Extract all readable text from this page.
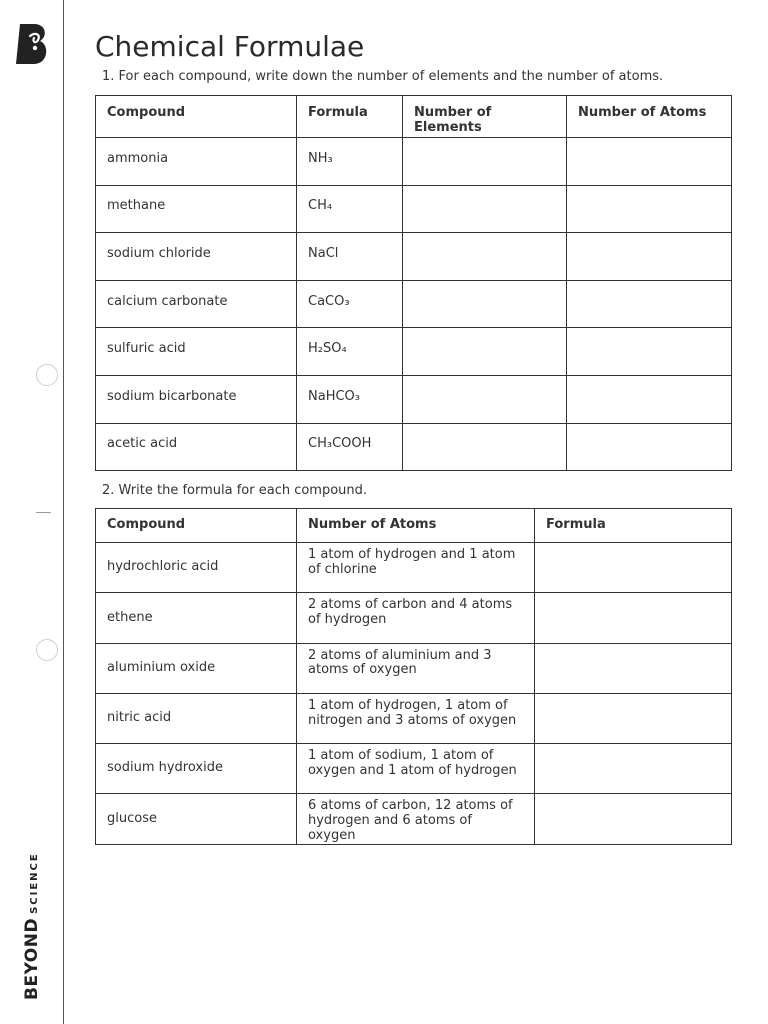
BEYONDSCIENCE
Chemical Formulae

1. For each compound, write down the number of elements and the number of atoms.

Compound	Formula	Number of Elements	Number of Atoms
ammonia	NH₃		
methane	CH₄		
sodium chloride	NaCl		
calcium carbonate	CaCO₃		
sulfuric acid	H₂SO₄		
sodium bicarbonate	NaHCO₃		
acetic acid	CH₃COOH		

2. Write the formula for each compound.

Compound	Number of Atoms	Formula
hydrochloric acid	1 atom of hydrogen and 1 atom of chlorine	
ethene	2 atoms of carbon and 4 atoms of hydrogen	
aluminium oxide	2 atoms of aluminium and 3 atoms of oxygen	
nitric acid	1 atom of hydrogen, 1 atom of nitrogen and 3 atoms of oxygen	
sodium hydroxide	1 atom of sodium, 1 atom of oxygen and 1 atom of hydrogen	
glucose	6 atoms of carbon, 12 atoms of hydrogen and 6 atoms of oxygen	
